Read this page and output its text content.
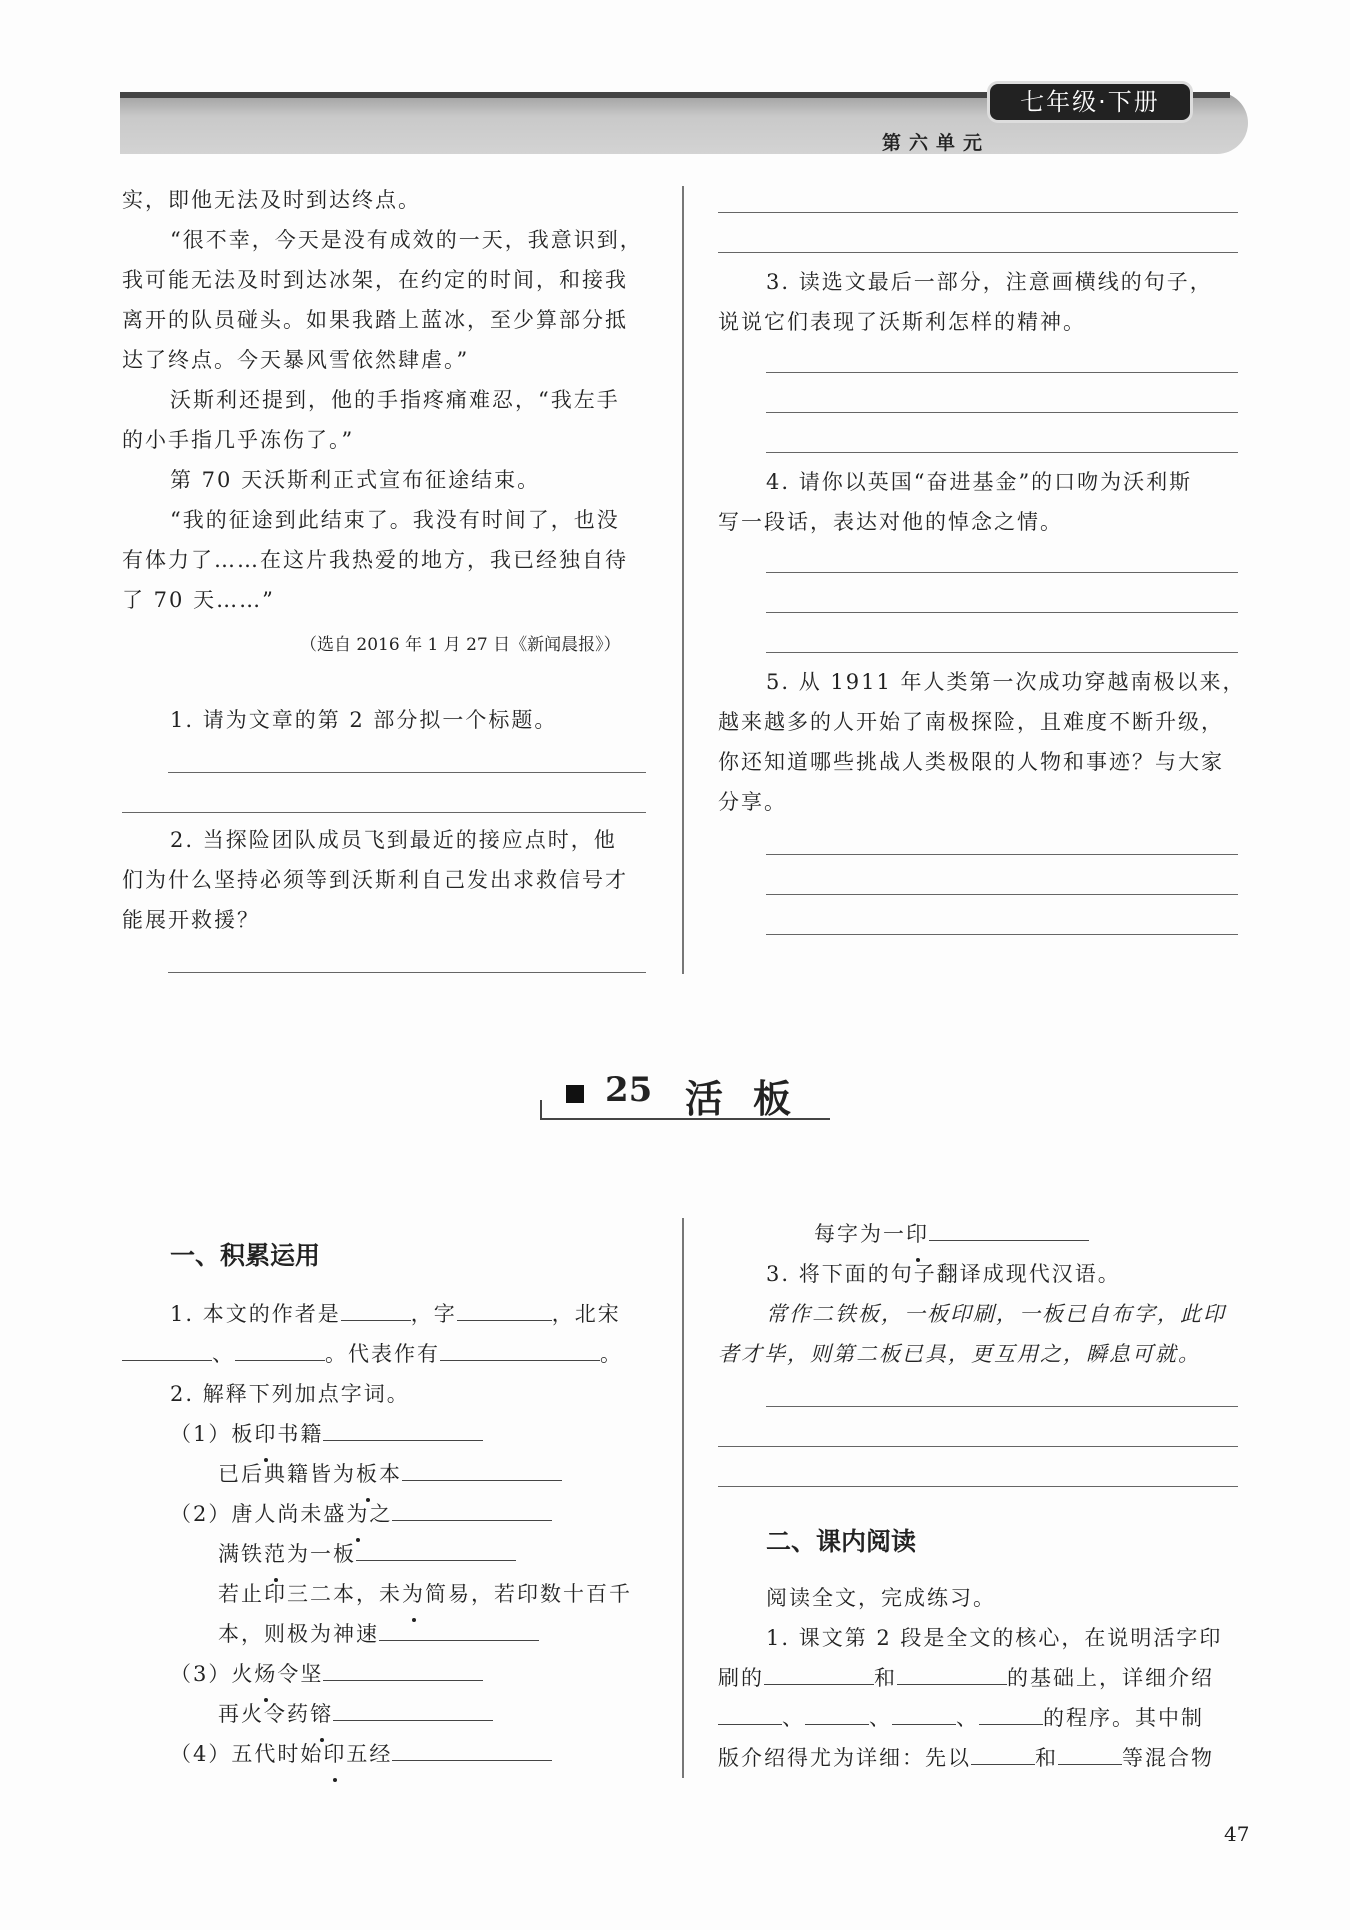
七年级·下册
第六单元
实，即他无法及时到达终点。
“很不幸，今天是没有成效的一天，我意识到，
我可能无法及时到达冰架，在约定的时间，和接我
离开的队员碰头。如果我踏上蓝冰，至少算部分抵
达了终点。今天暴风雪依然肆虐。”
沃斯利还提到，他的手指疼痛难忍，“我左手
的小手指几乎冻伤了。”
第 70 天沃斯利正式宣布征途结束。
“我的征途到此结束了。我没有时间了，也没
有体力了……在这片我热爱的地方，我已经独自待
了 70 天……”
（选自 2016 年 1 月 27 日《新闻晨报》）
1. 请为文章的第 2 部分拟一个标题。
2. 当探险团队成员飞到最近的接应点时，他
们为什么坚持必须等到沃斯利自己发出求救信号才
能展开救援？
3. 读选文最后一部分，注意画横线的句子，
说说它们表现了沃斯利怎样的精神。
4. 请你以英国“奋进基金”的口吻为沃利斯
写一段话，表达对他的悼念之情。
5. 从 1911 年人类第一次成功穿越南极以来，
越来越多的人开始了南极探险，且难度不断升级，
你还知道哪些挑战人类极限的人物和事迹？与大家
分享。
25 活板
一、积累运用
1. 本文的作者是	，字	，北宋
、	。代表作有	。
2. 解释下列加点字词。
（1）板印书籍
已后典籍皆为板本
（2）唐人尚未盛为之
满铁范为一板
若止印三二本，未为简易，若印数十百千
本，则极为神速
（3）火炀令坚
再火令药镕
（4）五代时始印五经
每字为一印
3. 将下面的句子翻译成现代汉语。
常作二铁板，一板印刷，一板已自布字，此印
者才毕，则第二板已具，更互用之，瞬息可就。
二、课内阅读
阅读全文，完成练习。
1. 课文第 2 段是全文的核心，在说明活字印
刷的	和	的基础上，详细介绍
、	、	、	的程序。其中制
版介绍得尤为详细：先以	和	等混合物
47
